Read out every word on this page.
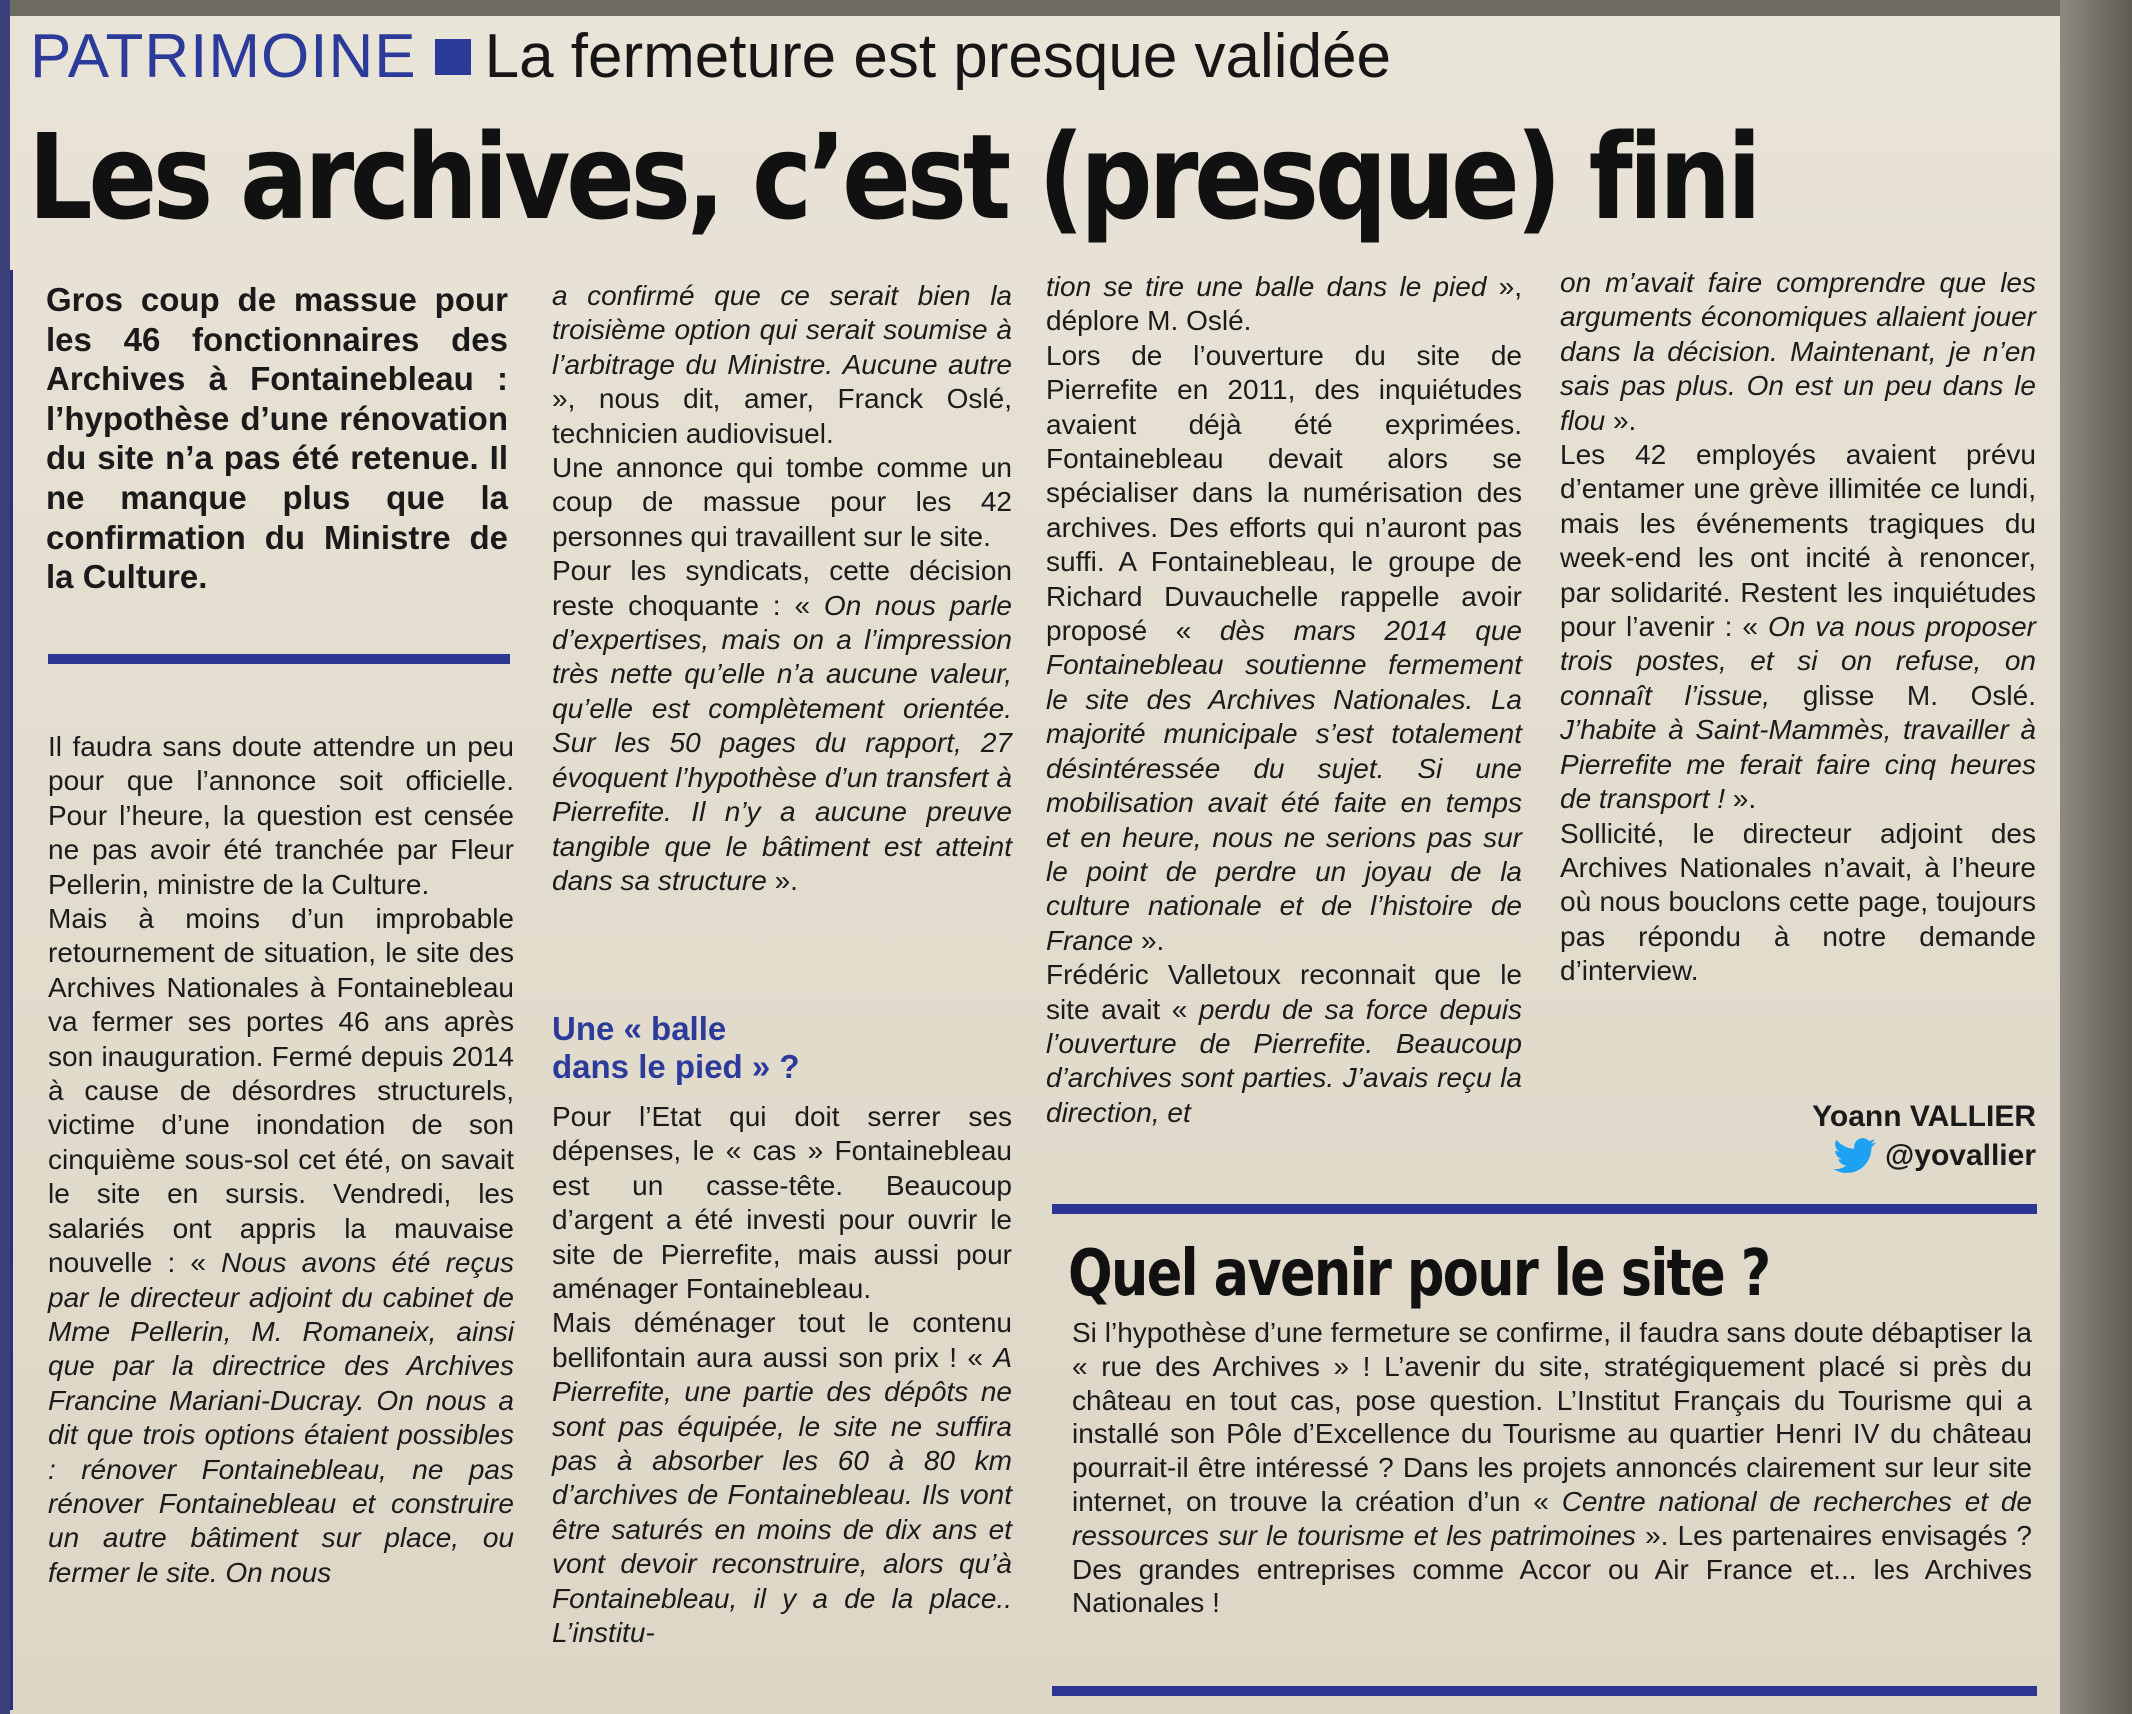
PATRIMOINE La fermeture est presque validée
Les archives, c’est (presque) fini
Gros coup de massue pour les 46 fonctionnaires des Archives à Fontainebleau : l’hypothèse d’une rénovation du site n’a pas été retenue. Il ne manque plus que la confirmation du Ministre de la Culture.

Il faudra sans doute attendre un peu pour que l’annonce soit officielle. Pour l’heure, la question est censée ne pas avoir été tranchée par Fleur Pellerin, ministre de la Culture.

Mais à moins d’un improbable retournement de situation, le site des Archives Nationales à Fontainebleau va fermer ses portes 46 ans après son inauguration. Fermé depuis 2014 à cause de désordres structurels, victime d’une inondation de son cinquième sous-sol cet été, on savait le site en sursis. Vendredi, les salariés ont appris la mauvaise nouvelle : « Nous avons été reçus par le directeur adjoint du cabinet de Mme Pellerin, M. Romaneix, ainsi que par la directrice des Archives Francine Mariani-Ducray. On nous a dit que trois options étaient possibles : rénover Fontainebleau, ne pas rénover Fontainebleau et construire un autre bâtiment sur place, ou fermer le site. On nous

a confirmé que ce serait bien la troisième option qui serait soumise à l’arbitrage du Ministre. Aucune autre », nous dit, amer, Franck Oslé, technicien audiovisuel.

Une annonce qui tombe comme un coup de massue pour les 42 personnes qui travaillent sur le site.

Pour les syndicats, cette décision reste choquante : « On nous parle d’expertises, mais on a l’impression très nette qu’elle n’a aucune valeur, qu’elle est complètement orientée. Sur les 50 pages du rapport, 27 évoquent l’hypothèse d’un transfert à Pierrefite. Il n’y a aucune preuve tangible que le bâtiment est atteint dans sa structure ».

Une « balle
dans le pied » ?

Pour l’Etat qui doit serrer ses dépenses, le « cas » Fontainebleau est un casse-tête. Beaucoup d’argent a été investi pour ouvrir le site de Pierrefite, mais aussi pour aménager Fontainebleau.

Mais déménager tout le contenu bellifontain aura aussi son prix ! « A Pierrefite, une partie des dépôts ne sont pas équipée, le site ne suffira pas à absorber les 60 à 80 km d’archives de Fontainebleau. Ils vont être saturés en moins de dix ans et vont devoir reconstruire, alors qu’à Fontainebleau, il y a de la place.. L’institu-

tion se tire une balle dans le pied », déplore M. Oslé.

Lors de l’ouverture du site de Pierrefite en 2011, des inquiétudes avaient déjà été exprimées. Fontainebleau devait alors se spécialiser dans la numérisation des archives. Des efforts qui n’auront pas suffi. A Fontainebleau, le groupe de Richard Duvauchelle rappelle avoir proposé « dès mars 2014 que Fontainebleau soutienne fermement le site des Archives Nationales. La majorité municipale s’est totalement désintéressée du sujet. Si une mobilisation avait été faite en temps et en heure, nous ne serions pas sur le point de perdre un joyau de la culture nationale et de l’histoire de France ».

Frédéric Valletoux reconnait que le site avait « perdu de sa force depuis l’ouverture de Pierrefite. Beaucoup d’archives sont parties. J’avais reçu la direction, et

on m’avait faire comprendre que les arguments économiques allaient jouer dans la décision. Maintenant, je n’en sais pas plus. On est un peu dans le flou ».

Les 42 employés avaient prévu d’entamer une grève illimitée ce lundi, mais les événements tragiques du week-end les ont incité à renoncer, par solidarité. Restent les inquiétudes pour l’avenir : « On va nous proposer trois postes, et si on refuse, on connaît l’issue, glisse M. Oslé. J’habite à Saint-Mammès, travailler à Pierrefite me ferait faire cinq heures de transport ! ».

Sollicité, le directeur adjoint des Archives Nationales n’avait, à l’heure où nous bouclons cette page, toujours pas répondu à notre demande d’interview.

Yoann VALLIER
@yovallier
Quel avenir pour le site ?
Si l’hypothèse d’une fermeture se confirme, il faudra sans doute débaptiser la « rue des Archives » ! L’avenir du site, stratégiquement placé si près du château en tout cas, pose question. L’Institut Français du Tourisme qui a installé son Pôle d’Excellence du Tourisme au quartier Henri IV du château pourrait-il être intéressé ? Dans les projets annoncés clairement sur leur site internet, on trouve la création d’un « Centre national de recherches et de ressources sur le tourisme et les patrimoines ». Les partenaires envisagés ? Des grandes entreprises comme Accor ou Air France et... les Archives Nationales !
